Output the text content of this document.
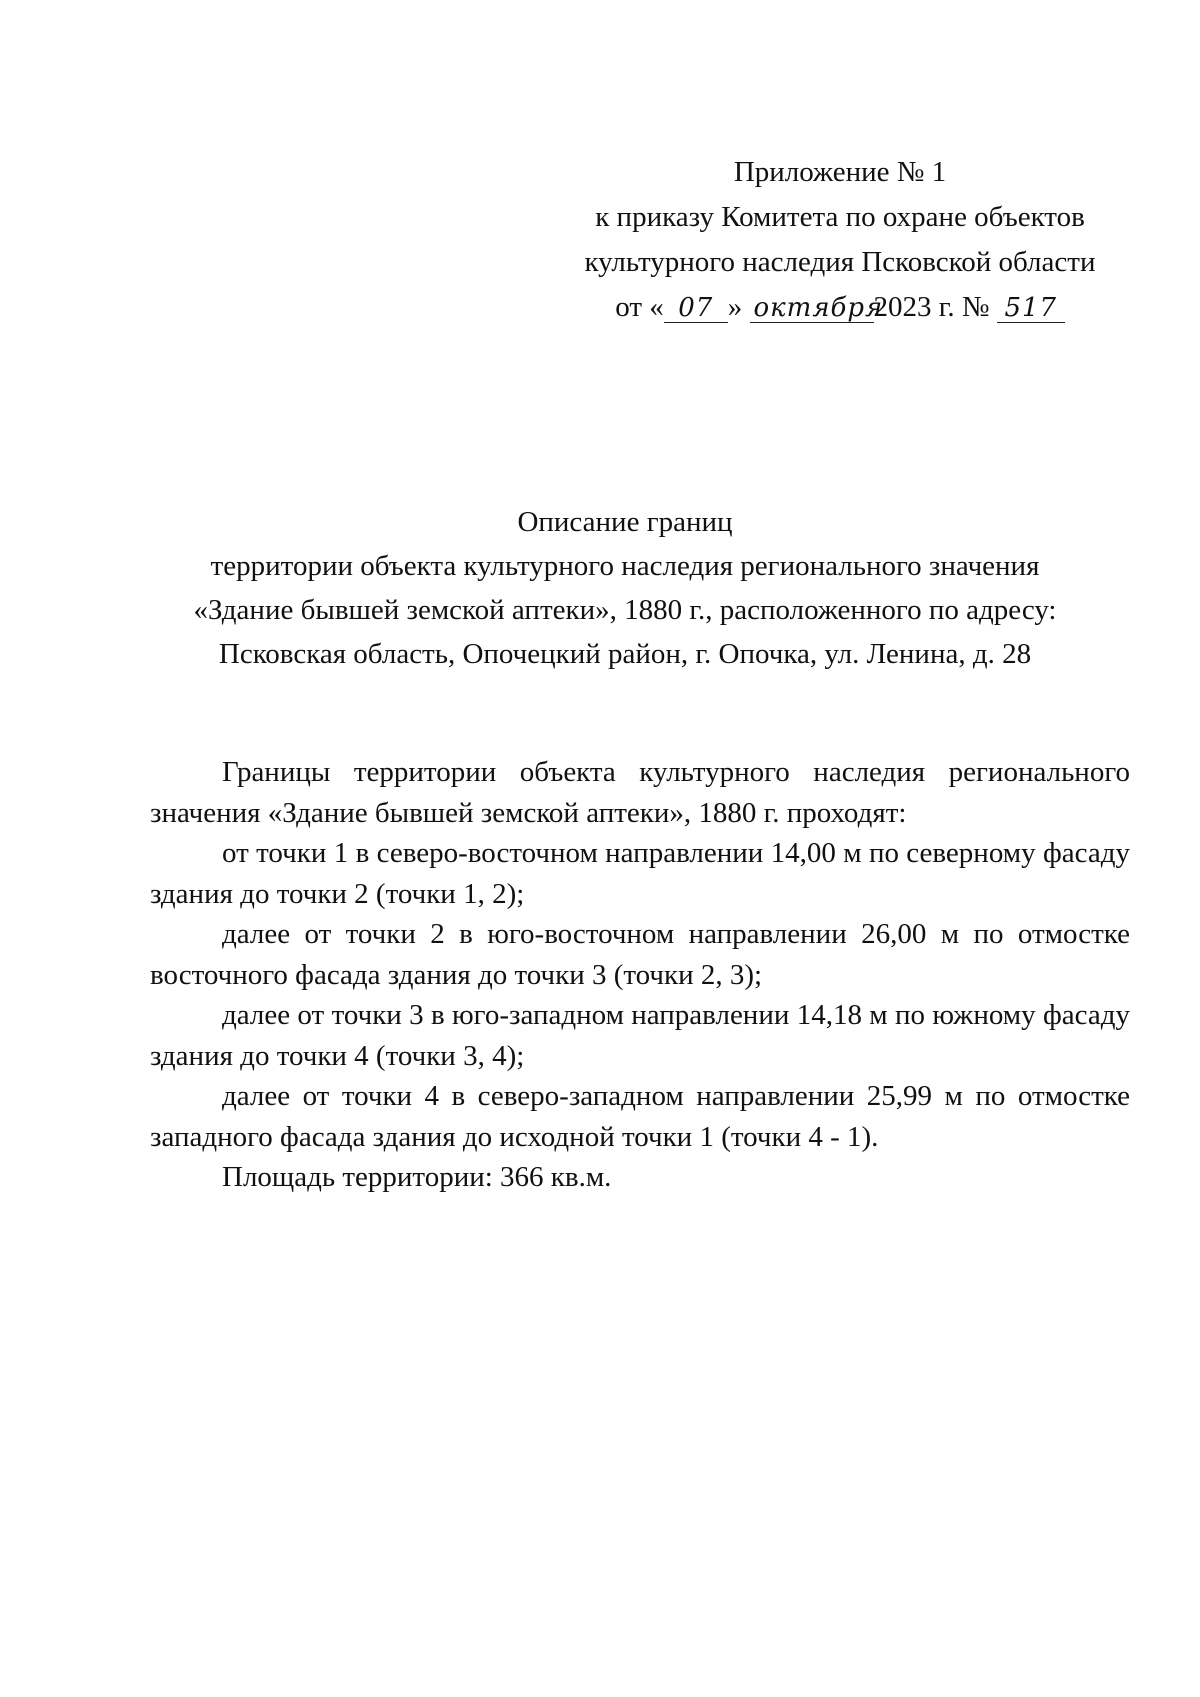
Приложение № 1
к приказу Комитета по охране объектов
культурного наследия Псковской области
от « 07 » октября2023 г. № 517
Описание границ
территории объекта культурного наследия регионального значения
«Здание бывшей земской аптеки», 1880 г., расположенного по адресу:
Псковская область, Опочецкий район, г. Опочка, ул. Ленина, д. 28

Границы территории объекта культурного наследия регионального значения «Здание бывшей земской аптеки», 1880 г. проходят:

от точки 1 в северо-восточном направлении 14,00 м по северному фасаду здания до точки 2 (точки 1, 2);

далее от точки 2 в юго-восточном направлении 26,00 м по отмостке восточного фасада здания до точки 3 (точки 2, 3);

далее от точки 3 в юго-западном направлении 14,18 м по южному фасаду здания до точки 4 (точки 3, 4);

далее от точки 4 в северо-западном направлении 25,99 м по отмостке западного фасада здания до исходной точки 1 (точки 4 - 1).

Площадь территории: 366 кв.м.
